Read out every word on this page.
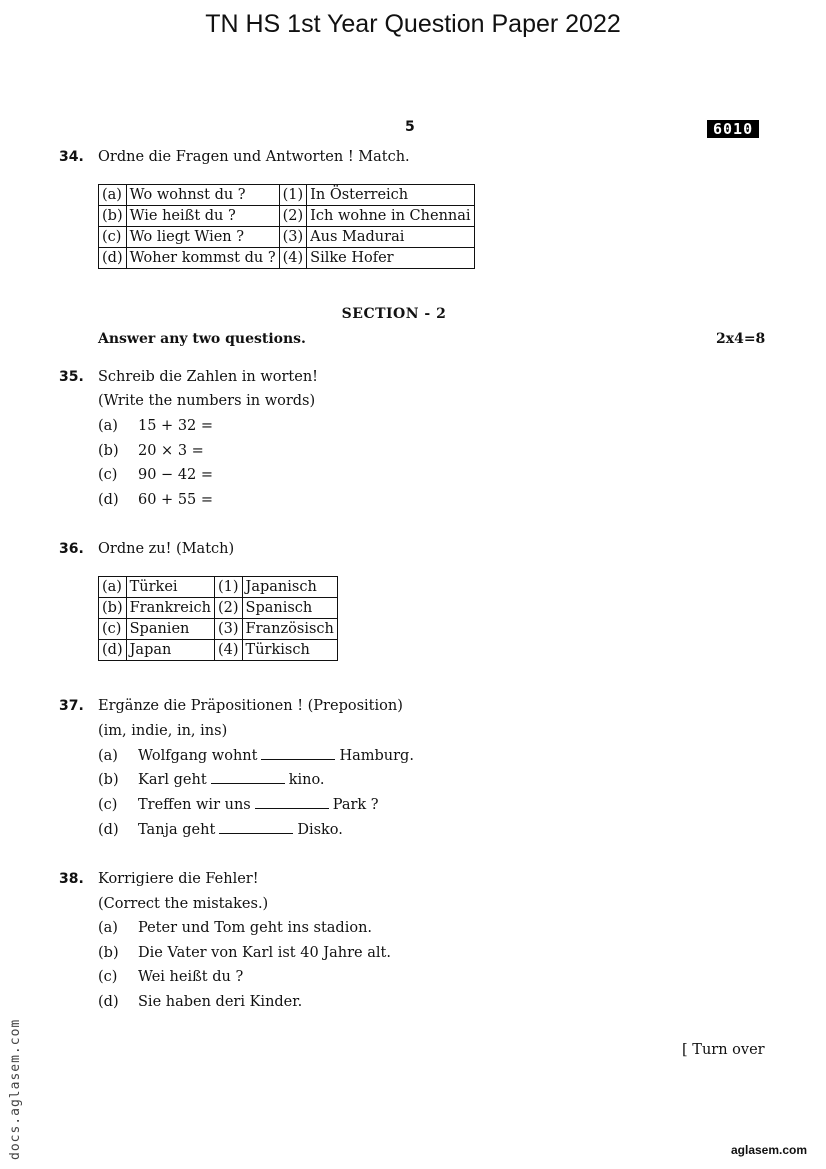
TN HS 1st Year Question Paper 2022
5	6010
34. Ordne die Fragen und Antworten ! Match.
(a)	Wo wohnst du ?	(1)	In Österreich
(b)	Wie heißt du ?	(2)	Ich wohne in Chennai
(c)	Wo liegt Wien ?	(3)	Aus Madurai
(d)	Woher kommst du ?	(4)	Silke Hofer
SECTION - 2
Answer any two questions.	2x4=8
35. Schreib die Zahlen in worten!
(Write the numbers in words)
(a) 15 + 32 =
(b) 20 × 3 =
(c) 90 − 42 =
(d) 60 + 55 =
36. Ordne zu! (Match)
(a)	Türkei	(1)	Japanisch
(b)	Frankreich	(2)	Spanisch
(c)	Spanien	(3)	Französisch
(d)	Japan	(4)	Türkisch
37. Ergänze die Präpositionen ! (Preposition)
(im, indie, in, ins)
(a) Wolfgang wohnt	Hamburg.
(b) Karl geht	kino.
(c) Treffen wir uns	Park ?
(d) Tanja geht	Disko.
38. Korrigiere die Fehler!
(Correct the mistakes.)
(a) Peter und Tom geht ins stadion.
(b) Die Vater von Karl ist 40 Jahre alt.
(c) Wei heißt du ?
(d) Sie haben deri Kinder.
[ Turn over
aglasem.com
docs.aglasem.com
